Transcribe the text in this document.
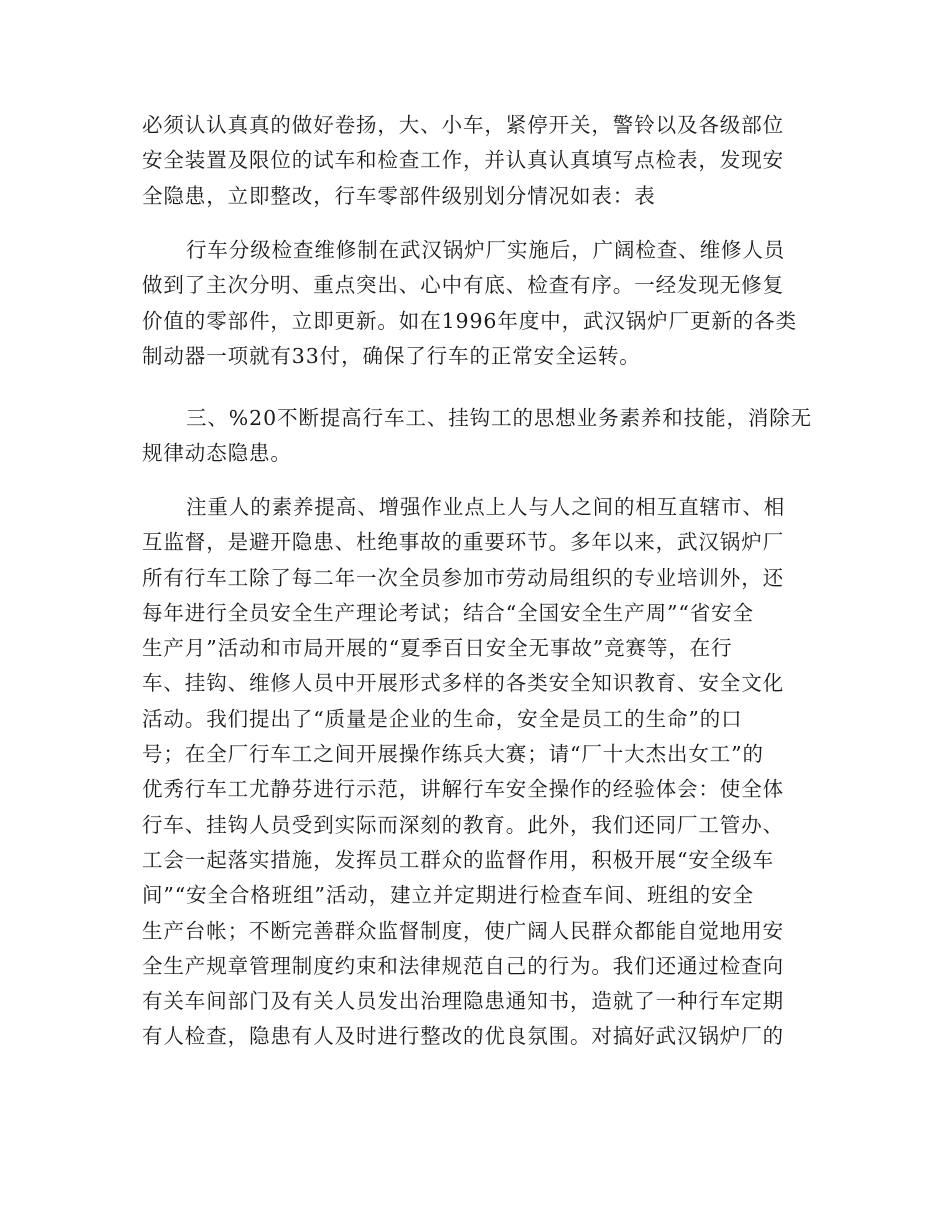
必须认认真真的做好卷扬，大、小车，紧停开关，警铃以及各级部位
安全装置及限位的试车和检查工作，并认真认真填写点检表，发现安
全隐患，立即整改，行车零部件级别划分情况如表：表
行车分级检查维修制在武汉锅炉厂实施后，广阔检查、维修人员
做到了主次分明、重点突出、心中有底、检查有序。一经发现无修复
价值的零部件，立即更新。如在1996年度中，武汉锅炉厂更新的各类
制动器一项就有33付，确保了行车的正常安全运转。
三、%20不断提高行车工、挂钩工的思想业务素养和技能，消除无
规律动态隐患。
注重人的素养提高、增强作业点上人与人之间的相互直辖市、相
互监督，是避开隐患、杜绝事故的重要环节。多年以来，武汉锅炉厂
所有行车工除了每二年一次全员参加市劳动局组织的专业培训外，还
每年进行全员安全生产理论考试；结合“全国安全生产周”“省安全
生产月”活动和市局开展的“夏季百日安全无事故”竞赛等，在行
车、挂钩、维修人员中开展形式多样的各类安全知识教育、安全文化
活动。我们提出了“质量是企业的生命，安全是员工的生命”的口
号；在全厂行车工之间开展操作练兵大赛；请“厂十大杰出女工”的
优秀行车工尤静芬进行示范，讲解行车安全操作的经验体会：使全体
行车、挂钩人员受到实际而深刻的教育。此外，我们还同厂工管办、
工会一起落实措施，发挥员工群众的监督作用，积极开展“安全级车
间”“安全合格班组”活动，建立并定期进行检查车间、班组的安全
生产台帐；不断完善群众监督制度，使广阔人民群众都能自觉地用安
全生产规章管理制度约束和法律规范自己的行为。我们还通过检查向
有关车间部门及有关人员发出治理隐患通知书，造就了一种行车定期
有人检查，隐患有人及时进行整改的优良氛围。对搞好武汉锅炉厂的
